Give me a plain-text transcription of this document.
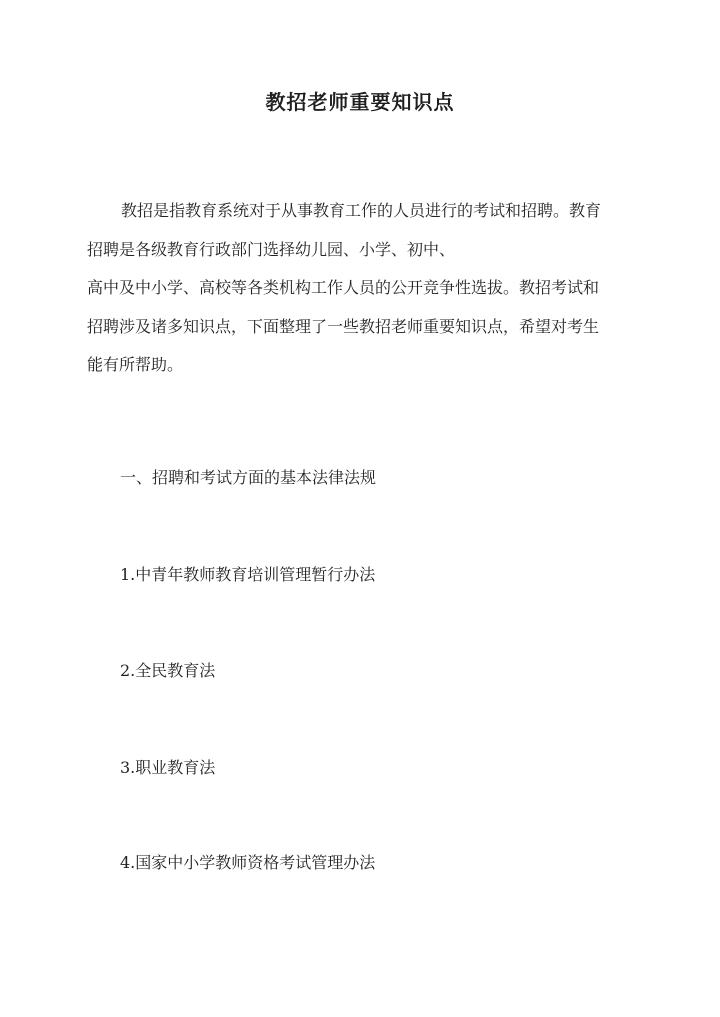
教招老师重要知识点
教招是指教育系统对于从事教育工作的人员进行的考试和招聘。教育
招聘是各级教育行政部门选择幼儿园、小学、初中、
高中及中小学、高校等各类机构工作人员的公开竞争性选拔。教招考试和
招聘涉及诸多知识点，下面整理了一些教招老师重要知识点，希望对考生
能有所帮助。
一、招聘和考试方面的基本法律法规
1.中青年教师教育培训管理暂行办法
2.全民教育法
3.职业教育法
4.国家中小学教师资格考试管理办法
